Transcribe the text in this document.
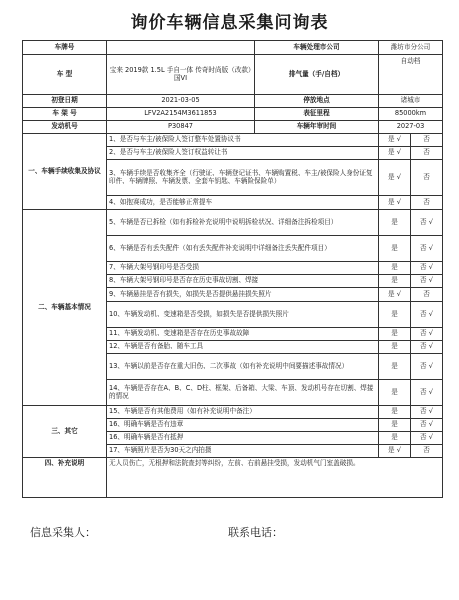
询价车辆信息采集问询表
车牌号		车辆处理市公司	潍坊市分公司	
车 型	宝来 2019款 1.5L 手自一体 传奇时尚版（改款）国VI	排气量（手/自档）	自动档	
初登日期	2021-03-05	停放地点	诸城市	
车 架 号	LFV2A2154M3611853	表征里程	85000km	
发动机号	P30847	车辆年审时间	2027-03	
一、车辆手续收集及协议	1、是否与车主/被保险人签订整车处置协议书		是 √	否
	2、是否与车主/被保险人签订权益转让书		是 √	否
	3、车辆手续是否收集齐全（行驶证、车辆登记证书、车辆购置税、车主/被保险人身份证复印件、车辆牌照、车辆发票、全套车钥匙、车辆险保险单）		是 √	否
	4、如抱赛成功，是否能够正常提车		是 √	否
二、车辆基本情况	5、车辆是否已拆检（如有拆检补充说明中说明拆检状况、详细备注拆检项目）		是	否 √
	6、车辆是否有丢失配件（如有丢失配件补充说明中详细备注丢失配件项目）		是	否 √
	7、车辆大架号钢印号是否受损		是	否 √
	8、车辆大架号钢印号是否存在历史事故切割、焊接		是	否 √
	9、车辆悬挂是否有损失，如损失是否提供悬挂损失照片		是 √	否
	10、车辆发动机、变速箱是否受损，如损失是否提供损失照片		是	否 √
	11、车辆发动机、变速箱是否存在历史事故故障		是	否 √
	12、车辆是否有备胎、随车工具		是	否 √
	13、车辆以前是否存在重大旧伤、二次事故（如有补充说明中间要描述事故情况）		是	否 √
	14、车辆是否存在A、B、C、D柱、框架、后备箱、大梁、车顶、发动机号存在切割、焊接的情况		是	否 √
三、其它	15、车辆是否有其他费用（如有补充说明中备注）		是	否 √
	16、明确车辆是否有违章		是	否 √
	16、明确车辆是否有抵押		是	否 √
	17、车辆照片是否为30天之内拍摄		是 √	否
四、补充说明	无人员伤亡，无根押和法院查封等纠纷，左前、右前悬挂受损，发动机气门室盖破损。			
信息采集人：	联系电话：
